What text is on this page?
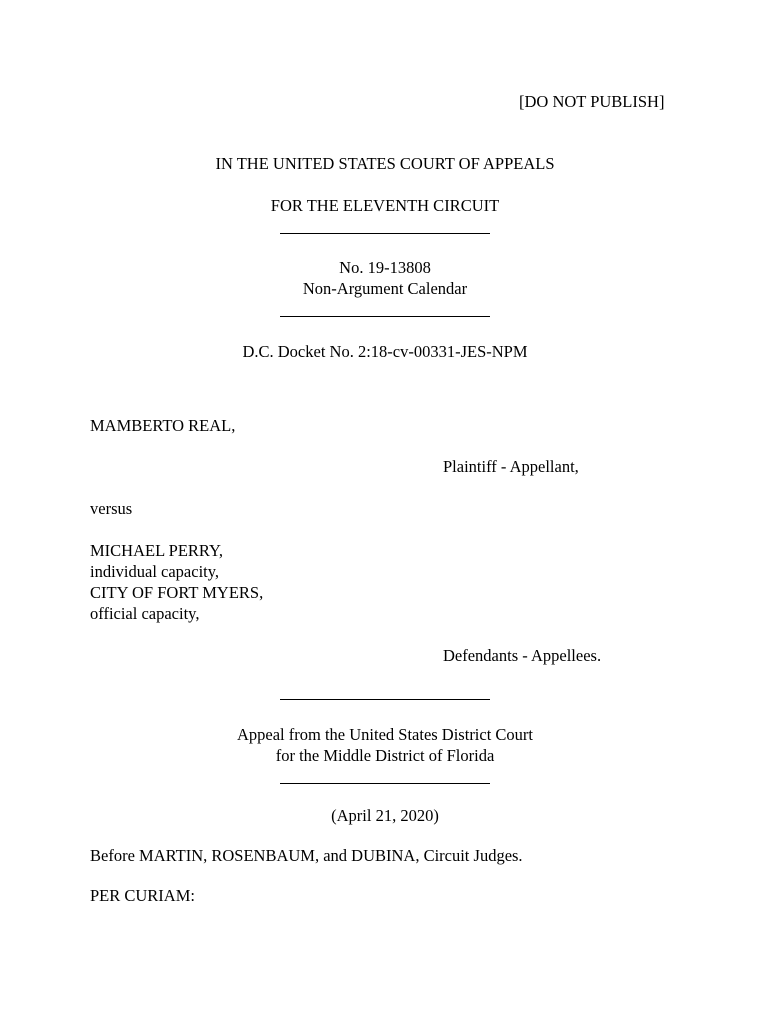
[DO NOT PUBLISH]
IN THE UNITED STATES COURT OF APPEALS
FOR THE ELEVENTH CIRCUIT
No. 19-13808
Non-Argument Calendar
D.C. Docket No. 2:18-cv-00331-JES-NPM
MAMBERTO REAL,
Plaintiff - Appellant,
versus
MICHAEL PERRY,
individual capacity,
CITY OF FORT MYERS,
official capacity,
Defendants - Appellees.
Appeal from the United States District Court
for the Middle District of Florida
(April 21, 2020)
Before MARTIN, ROSENBAUM, and DUBINA, Circuit Judges.
PER CURIAM:
